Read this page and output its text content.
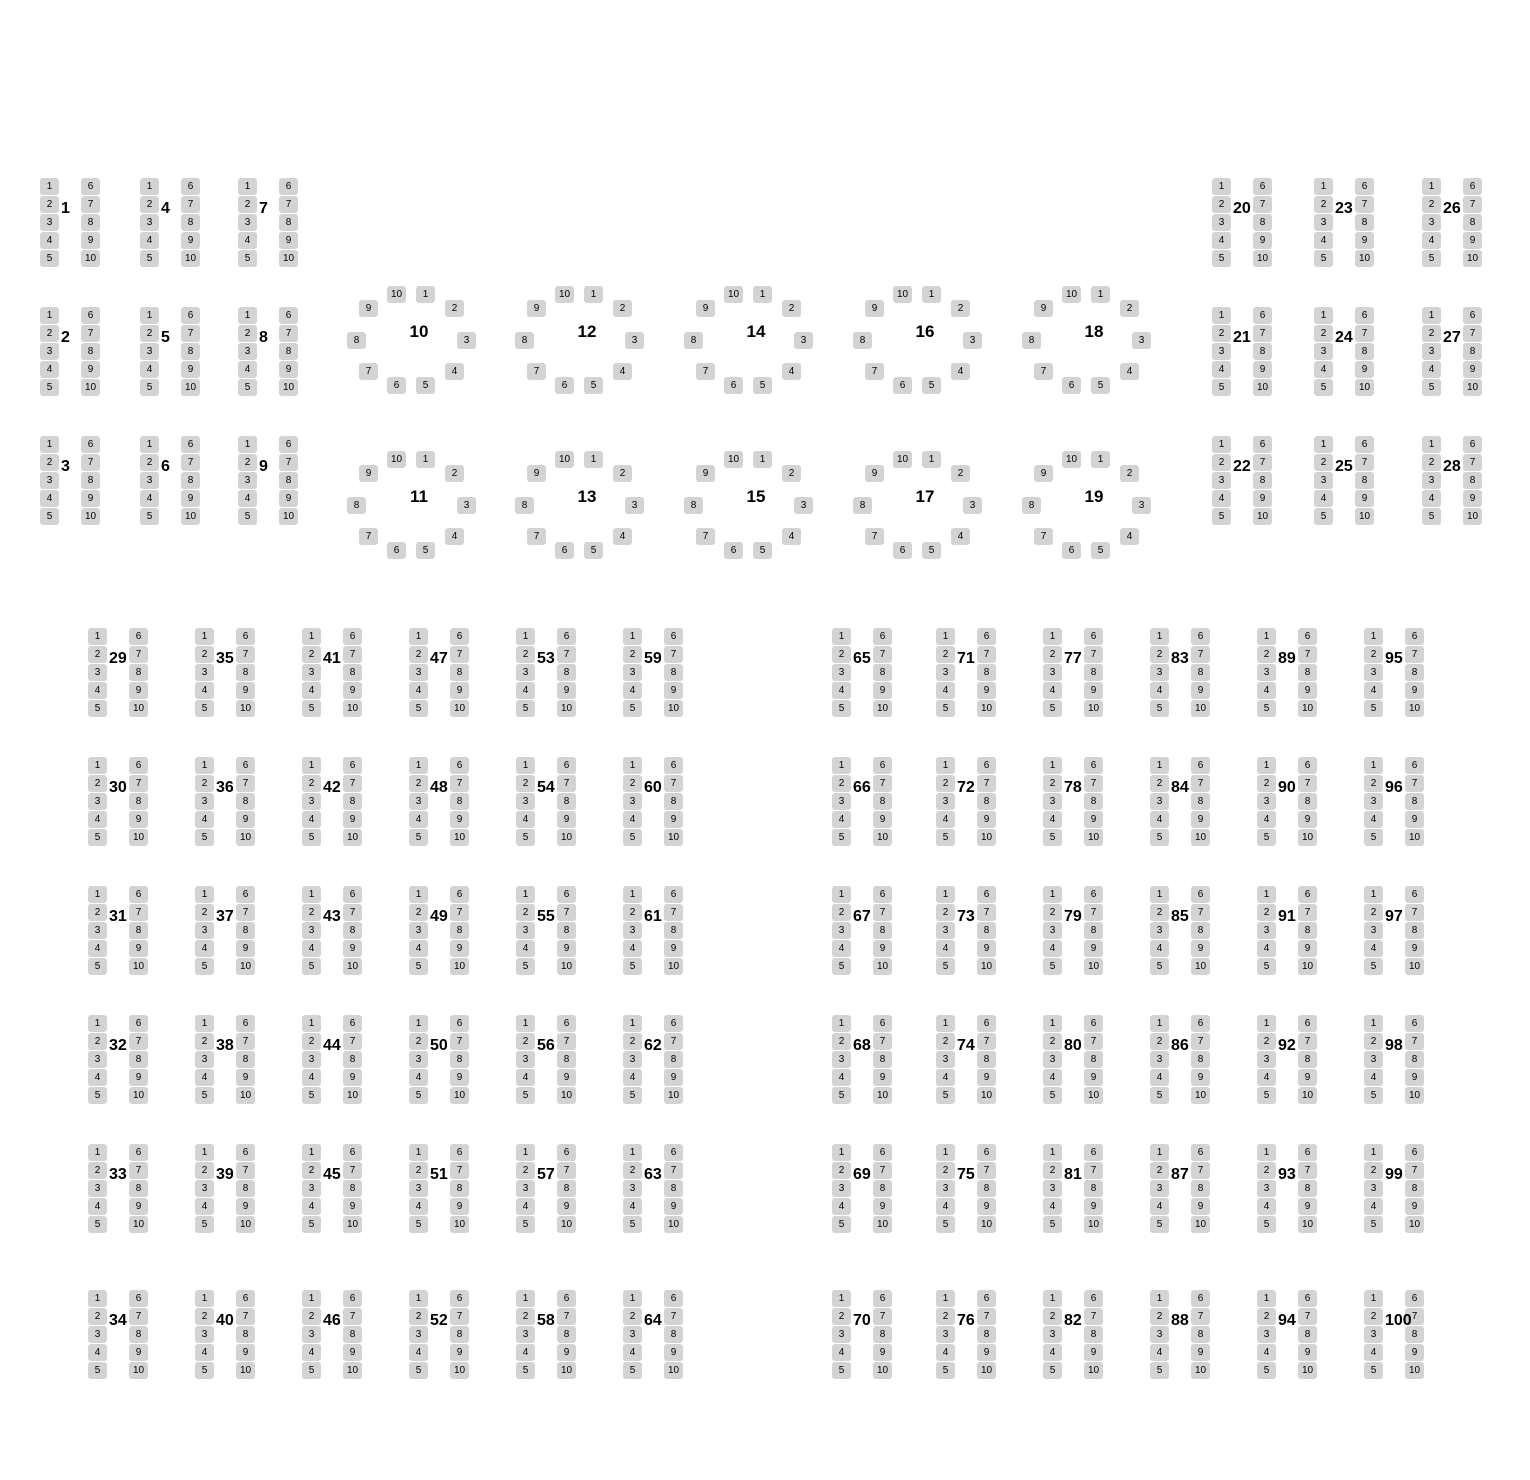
1
2
3
4
5
6
7
8
9
10
1
1
2
3
4
5
6
7
8
9
10
2
1
2
3
4
5
6
7
8
9
10
3
1
2
3
4
5
6
7
8
9
10
4
1
2
3
4
5
6
7
8
9
10
5
1
2
3
4
5
6
7
8
9
10
6
1
2
3
4
5
6
7
8
9
10
7
1
2
3
4
5
6
7
8
9
10
8
1
2
3
4
5
6
7
8
9
10
9
1
2
3
4
5
6
7
8
9
10
10
1
2
3
4
5
6
7
8
9
10
11
1
2
3
4
5
6
7
8
9
10
12
1
2
3
4
5
6
7
8
9
10
13
1
2
3
4
5
6
7
8
9
10
14
1
2
3
4
5
6
7
8
9
10
15
1
2
3
4
5
6
7
8
9
10
16
1
2
3
4
5
6
7
8
9
10
17
1
2
3
4
5
6
7
8
9
10
18
1
2
3
4
5
6
7
8
9
10
19
1
2
3
4
5
6
7
8
9
10
20
1
2
3
4
5
6
7
8
9
10
21
1
2
3
4
5
6
7
8
9
10
22
1
2
3
4
5
6
7
8
9
10
23
1
2
3
4
5
6
7
8
9
10
24
1
2
3
4
5
6
7
8
9
10
25
1
2
3
4
5
6
7
8
9
10
26
1
2
3
4
5
6
7
8
9
10
27
1
2
3
4
5
6
7
8
9
10
28
1
2
3
4
5
6
7
8
9
10
29
1
2
3
4
5
6
7
8
9
10
30
1
2
3
4
5
6
7
8
9
10
31
1
2
3
4
5
6
7
8
9
10
32
1
2
3
4
5
6
7
8
9
10
33
1
2
3
4
5
6
7
8
9
10
34
1
2
3
4
5
6
7
8
9
10
35
1
2
3
4
5
6
7
8
9
10
36
1
2
3
4
5
6
7
8
9
10
37
1
2
3
4
5
6
7
8
9
10
38
1
2
3
4
5
6
7
8
9
10
39
1
2
3
4
5
6
7
8
9
10
40
1
2
3
4
5
6
7
8
9
10
41
1
2
3
4
5
6
7
8
9
10
42
1
2
3
4
5
6
7
8
9
10
43
1
2
3
4
5
6
7
8
9
10
44
1
2
3
4
5
6
7
8
9
10
45
1
2
3
4
5
6
7
8
9
10
46
1
2
3
4
5
6
7
8
9
10
47
1
2
3
4
5
6
7
8
9
10
48
1
2
3
4
5
6
7
8
9
10
49
1
2
3
4
5
6
7
8
9
10
50
1
2
3
4
5
6
7
8
9
10
51
1
2
3
4
5
6
7
8
9
10
52
1
2
3
4
5
6
7
8
9
10
53
1
2
3
4
5
6
7
8
9
10
54
1
2
3
4
5
6
7
8
9
10
55
1
2
3
4
5
6
7
8
9
10
56
1
2
3
4
5
6
7
8
9
10
57
1
2
3
4
5
6
7
8
9
10
58
1
2
3
4
5
6
7
8
9
10
59
1
2
3
4
5
6
7
8
9
10
60
1
2
3
4
5
6
7
8
9
10
61
1
2
3
4
5
6
7
8
9
10
62
1
2
3
4
5
6
7
8
9
10
63
1
2
3
4
5
6
7
8
9
10
64
1
2
3
4
5
6
7
8
9
10
65
1
2
3
4
5
6
7
8
9
10
66
1
2
3
4
5
6
7
8
9
10
67
1
2
3
4
5
6
7
8
9
10
68
1
2
3
4
5
6
7
8
9
10
69
1
2
3
4
5
6
7
8
9
10
70
1
2
3
4
5
6
7
8
9
10
71
1
2
3
4
5
6
7
8
9
10
72
1
2
3
4
5
6
7
8
9
10
73
1
2
3
4
5
6
7
8
9
10
74
1
2
3
4
5
6
7
8
9
10
75
1
2
3
4
5
6
7
8
9
10
76
1
2
3
4
5
6
7
8
9
10
77
1
2
3
4
5
6
7
8
9
10
78
1
2
3
4
5
6
7
8
9
10
79
1
2
3
4
5
6
7
8
9
10
80
1
2
3
4
5
6
7
8
9
10
81
1
2
3
4
5
6
7
8
9
10
82
1
2
3
4
5
6
7
8
9
10
83
1
2
3
4
5
6
7
8
9
10
84
1
2
3
4
5
6
7
8
9
10
85
1
2
3
4
5
6
7
8
9
10
86
1
2
3
4
5
6
7
8
9
10
87
1
2
3
4
5
6
7
8
9
10
88
1
2
3
4
5
6
7
8
9
10
89
1
2
3
4
5
6
7
8
9
10
90
1
2
3
4
5
6
7
8
9
10
91
1
2
3
4
5
6
7
8
9
10
92
1
2
3
4
5
6
7
8
9
10
93
1
2
3
4
5
6
7
8
9
10
94
1
2
3
4
5
6
7
8
9
10
95
1
2
3
4
5
6
7
8
9
10
96
1
2
3
4
5
6
7
8
9
10
97
1
2
3
4
5
6
7
8
9
10
98
1
2
3
4
5
6
7
8
9
10
99
1
2
3
4
5
6
7
8
9
10
100
